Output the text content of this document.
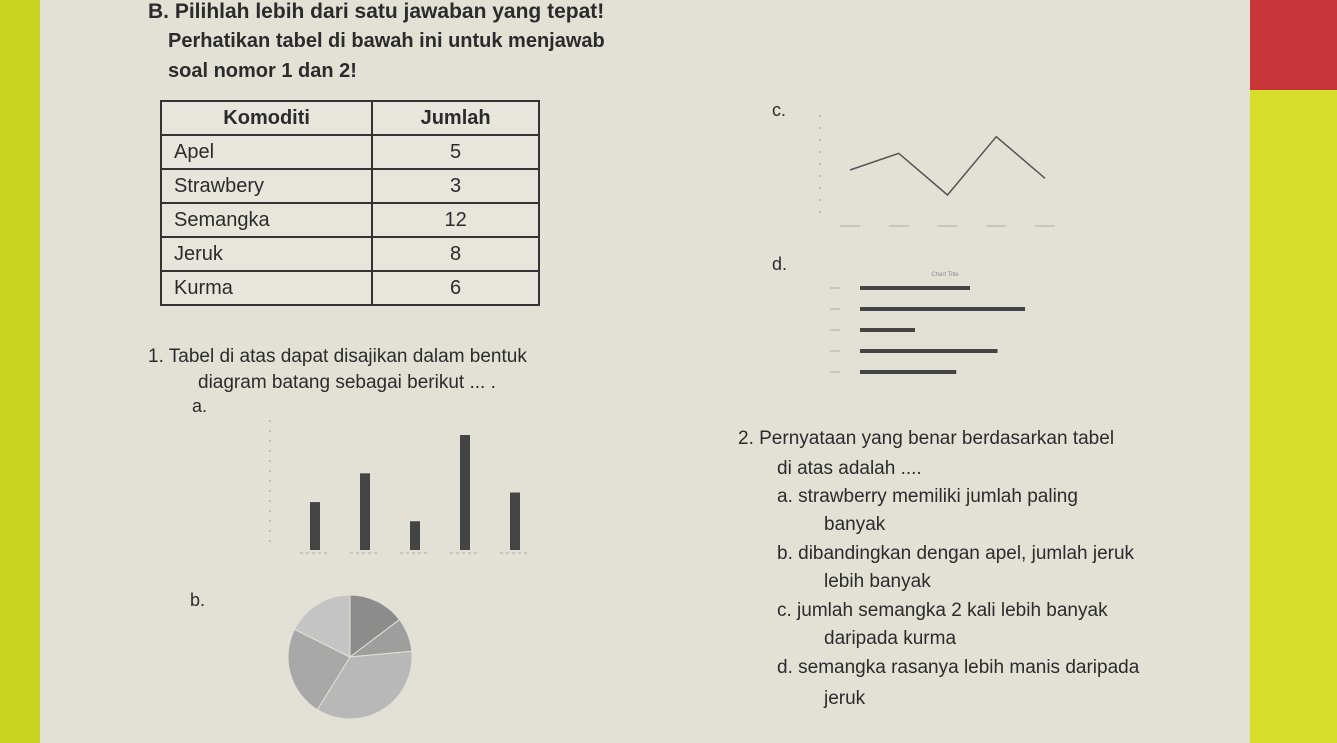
B. Pilihlah lebih dari satu jawaban yang tepat!
Perhatikan tabel di bawah ini untuk menjawab
soal nomor 1 dan 2!
Komoditi	Jumlah
Apel	5
Strawbery	3
Semangka	12
Jeruk	8
Kurma	6
1. Tabel di atas dapat disajikan dalam bentuk
diagram batang sebagai berikut ... .
a.
b.
c.
d.
Chart Title
2. Pernyataan yang benar berdasarkan tabel
di atas adalah ....
a. strawberry memiliki jumlah paling
banyak
b. dibandingkan dengan apel, jumlah jeruk
lebih banyak
c. jumlah semangka 2 kali lebih banyak
daripada kurma
d. semangka rasanya lebih manis daripada
jeruk
